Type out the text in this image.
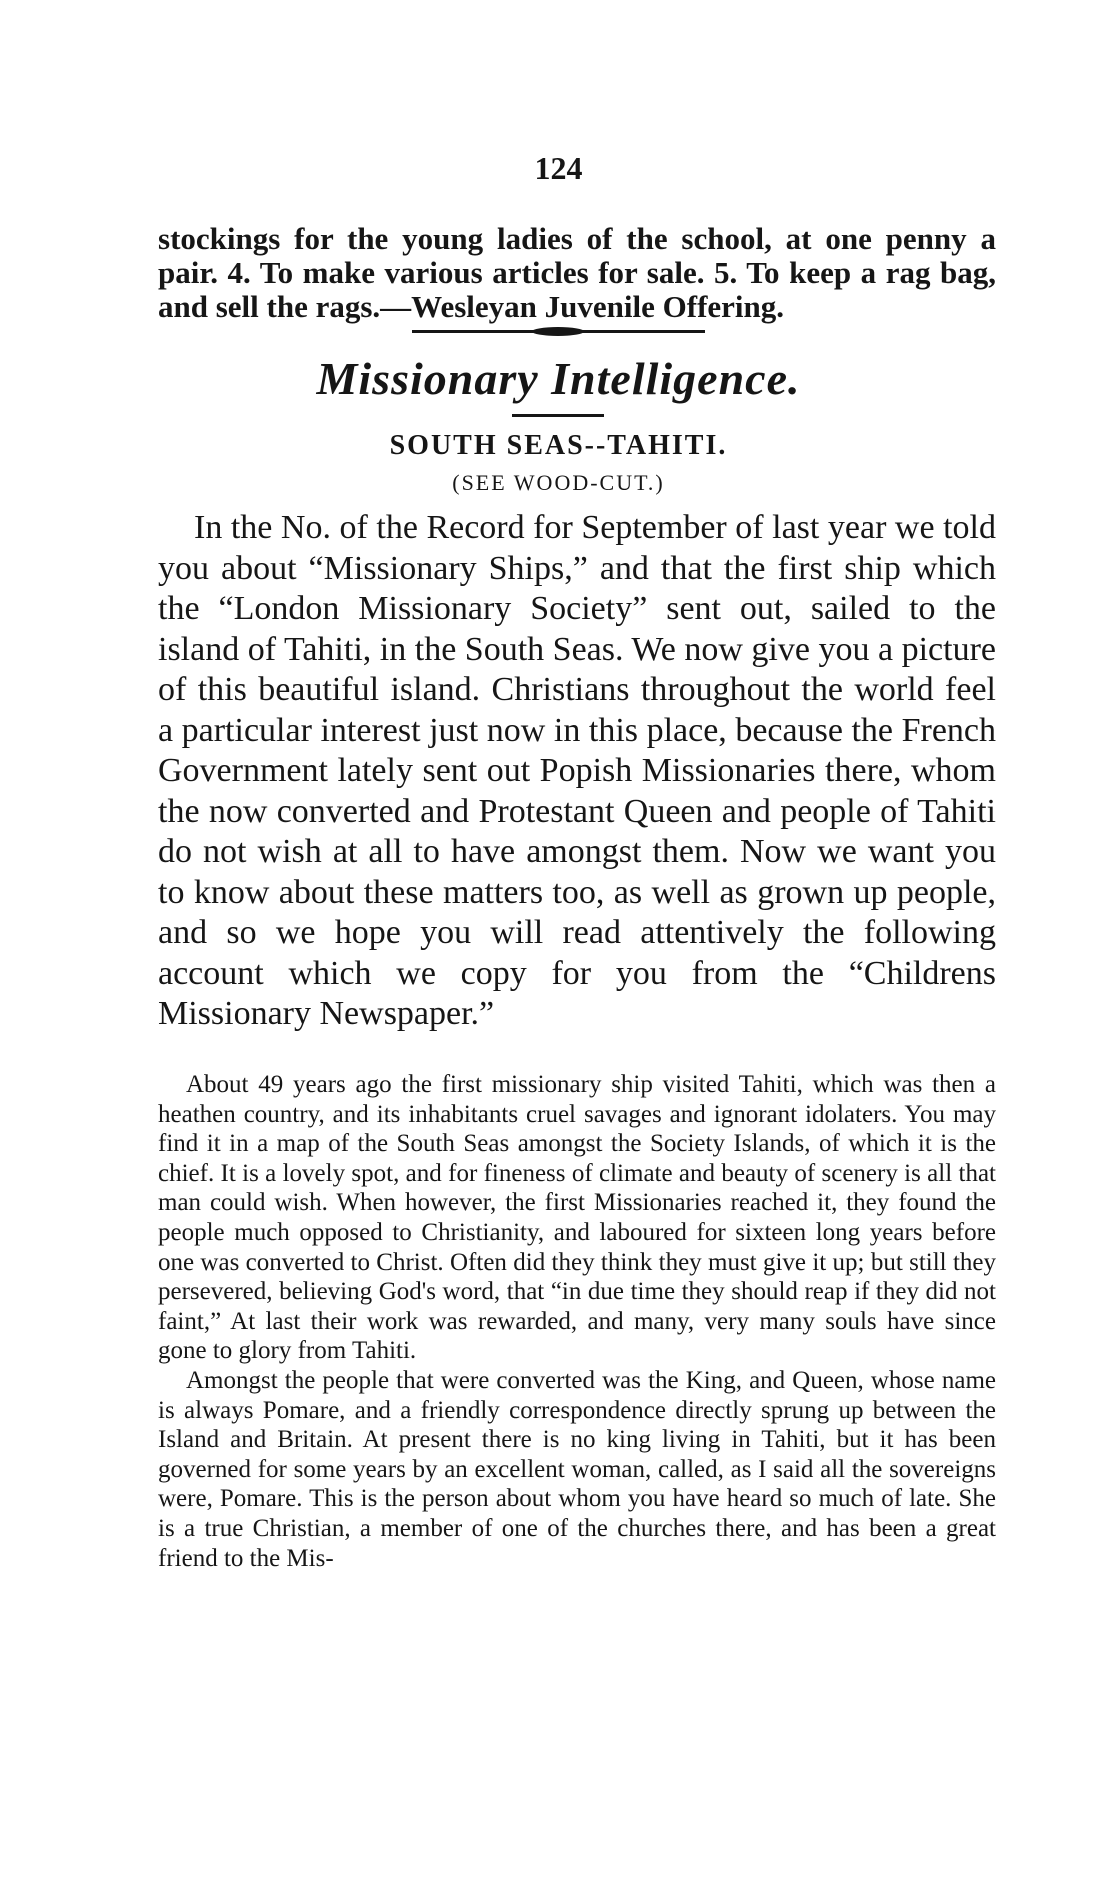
124

stockings for the young ladies of the school, at one penny a pair. 4. To make various articles for sale. 5. To keep a rag bag, and sell the rags.—Wesleyan Juvenile Offering.

Missionary Intelligence.
SOUTH SEAS--TAHITI.
(SEE WOOD-CUT.)

In the No. of the Record for September of last year we told you about “Missionary Ships,” and that the first ship which the “London Missionary Society” sent out, sailed to the island of Tahiti, in the South Seas. We now give you a picture of this beautiful island. Christians throughout the world feel a particular interest just now in this place, because the French Government lately sent out Popish Missionaries there, whom the now converted and Protestant Queen and people of Tahiti do not wish at all to have amongst them. Now we want you to know about these matters too, as well as grown up people, and so we hope you will read attentively the following account which we copy for you from the “Childrens Missionary Newspaper.”

About 49 years ago the first missionary ship visited Tahiti, which was then a heathen country, and its inhabitants cruel savages and ignorant idolaters. You may find it in a map of the South Seas amongst the Society Islands, of which it is the chief. It is a lovely spot, and for fineness of climate and beauty of scenery is all that man could wish. When however, the first Missionaries reached it, they found the people much opposed to Christianity, and laboured for sixteen long years before one was converted to Christ. Often did they think they must give it up; but still they persevered, believing God's word, that “in due time they should reap if they did not faint,” At last their work was rewarded, and many, very many souls have since gone to glory from Tahiti.

Amongst the people that were converted was the King, and Queen, whose name is always Pomare, and a friendly correspondence directly sprung up between the Island and Britain. At present there is no king living in Tahiti, but it has been governed for some years by an excellent woman, called, as I said all the sovereigns were, Pomare. This is the person about whom you have heard so much of late. She is a true Christian, a member of one of the churches there, and has been a great friend to the Mis-
